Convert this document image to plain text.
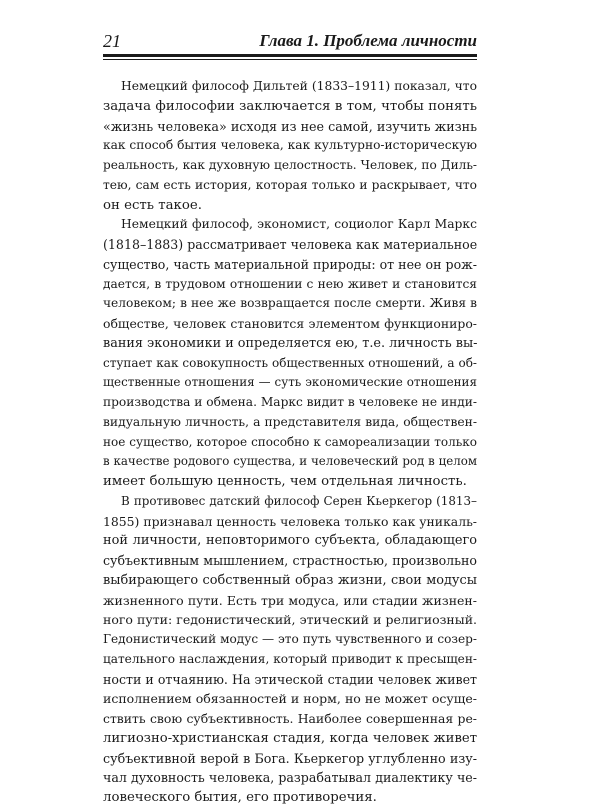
21	Глава 1. Проблема личности
Немецкий философ Дильтей (1833–1911) показал, что
задача философии заключается в том, чтобы понять
«жизнь человека» исходя из нее самой, изучить жизнь
как способ бытия человека, как культурно-историческую
реальность, как духовную целостность. Человек, по Диль-
тею, сам есть история, которая только и раскрывает, что
он есть такое.
Немецкий философ, экономист, социолог Карл Маркс
(1818–1883) рассматривает человека как материальное
существо, часть материальной природы: от нее он рож-
дается, в трудовом отношении с нею живет и становится
человеком; в нее же возвращается после смерти. Живя в
обществе, человек становится элементом функциониро-
вания экономики и определяется ею, т.е. личность вы-
ступает как совокупность общественных отношений, а об-
щественные отношения — суть экономические отношения
производства и обмена. Маркс видит в человеке не инди-
видуальную личность, а представителя вида, обществен-
ное существо, которое способно к самореализации только
в качестве родового существа, и человеческий род в целом
имеет большую ценность, чем отдельная личность.
В противовес датский философ Серен Кьеркегор (1813–
1855) признавал ценность человека только как уникаль-
ной личности, неповторимого субъекта, обладающего
субъективным мышлением, страстностью, произвольно
выбирающего собственный образ жизни, свои модусы
жизненного пути. Есть три модуса, или стадии жизнен-
ного пути: гедонистический, этический и религиозный.
Гедонистический модус — это путь чувственного и созер-
цательного наслаждения, который приводит к пресыщен-
ности и отчаянию. На этической стадии человек живет
исполнением обязанностей и норм, но не может осуще-
ствить свою субъективность. Наиболее совершенная ре-
лигиозно-христианская стадия, когда человек живет
субъективной верой в Бога. Кьеркегор углубленно изу-
чал духовность человека, разрабатывал диалектику че-
ловеческого бытия, его противоречия.
